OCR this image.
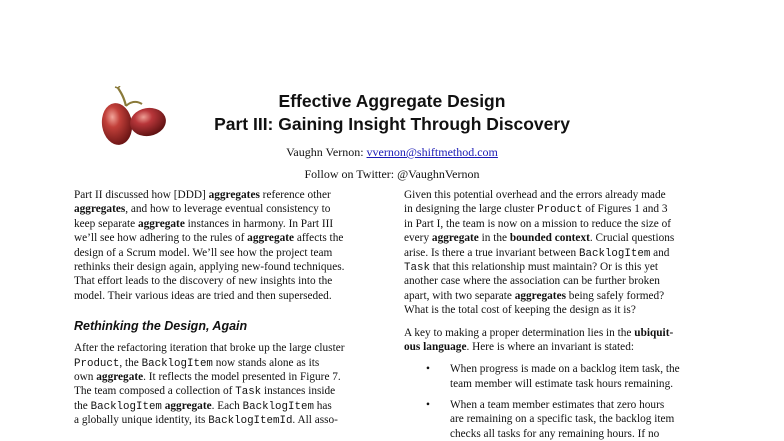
Effective Aggregate Design
Part III: Gaining Insight Through Discovery
Vaughn Vernon: vvernon@shiftmethod.com
Follow on Twitter: @VaughnVernon
Part II discussed how [DDD] aggregates reference other
aggregates, and how to leverage eventual consistency to
keep separate aggregate instances in harmony. In Part III
we’ll see how adhering to the rules of aggregate affects the
design of a Scrum model. We’ll see how the project team
rethinks their design again, applying new-found techniques.
That effort leads to the discovery of new insights into the
model. Their various ideas are tried and then superseded.
Rethinking the Design, Again
After the refactoring iteration that broke up the large cluster
Product, the BacklogItem now stands alone as its
own aggregate. It reflects the model presented in Figure 7.
The team composed a collection of Task instances inside
the BacklogItem aggregate. Each BacklogItem has
a globally unique identity, its BacklogItemId. All asso-
Given this potential overhead and the errors already made
in designing the large cluster Product of Figures 1 and 3
in Part I, the team is now on a mission to reduce the size of
every aggregate in the bounded context. Crucial questions
arise. Is there a true invariant between BacklogItem and
Task that this relationship must maintain? Or is this yet
another case where the association can be further broken
apart, with two separate aggregates being safely formed?
What is the total cost of keeping the design as it is?
A key to making a proper determination lies in the ubiquit-
ous language. Here is where an invariant is stated:
• When progress is made on a backlog item task, the
team member will estimate task hours remaining.
• When a team member estimates that zero hours
are remaining on a specific task, the backlog item
checks all tasks for any remaining hours. If no
